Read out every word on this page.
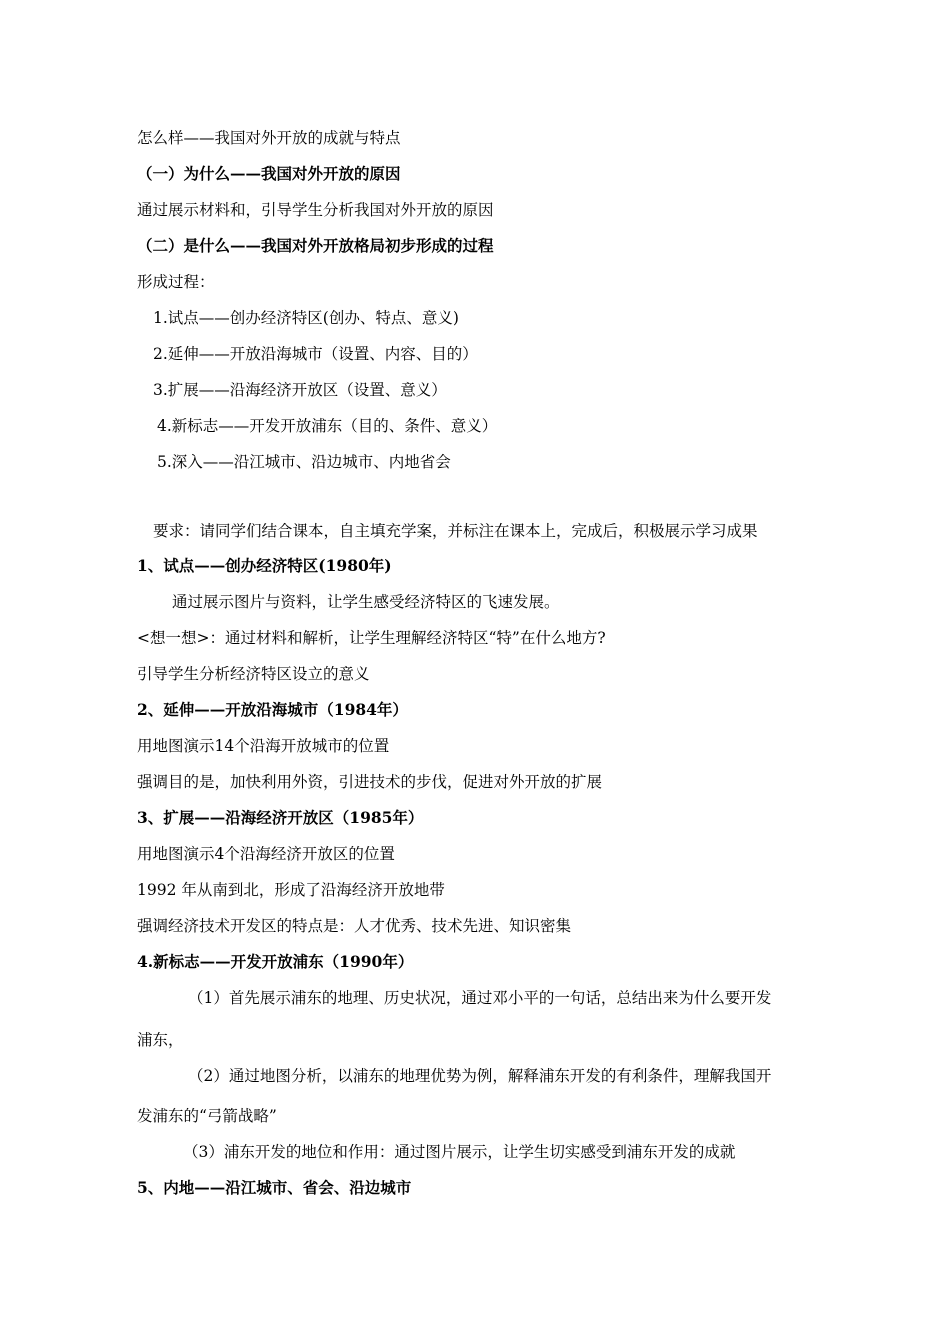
怎么样——我国对外开放的成就与特点
（一）为什么——我国对外开放的原因
通过展示材料和，引导学生分析我国对外开放的原因
（二）是什么——我国对外开放格局初步形成的过程
形成过程：
1.试点——创办经济特区(创办、特点、意义)
2.延伸——开放沿海城市（设置、内容、目的）
3.扩展——沿海经济开放区（设置、意义）
4.新标志——开发开放浦东（目的、条件、意义）
5.深入——沿江城市、沿边城市、内地省会
要求：请同学们结合课本，自主填充学案，并标注在课本上，完成后，积极展示学习成果
1、试点——创办经济特区(1980年)
通过展示图片与资料，让学生感受经济特区的飞速发展。
<想一想>：通过材料和解析，让学生理解经济特区“特”在什么地方?
引导学生分析经济特区设立的意义
2、延伸——开放沿海城市（1984年）
用地图演示14个沿海开放城市的位置
强调目的是，加快利用外资，引进技术的步伐，促进对外开放的扩展
3、扩展——沿海经济开放区（1985年）
用地图演示4个沿海经济开放区的位置
1992 年从南到北，形成了沿海经济开放地带
强调经济技术开发区的特点是：人才优秀、技术先进、知识密集
4.新标志——开发开放浦东（1990年）
（1）首先展示浦东的地理、历史状况，通过邓小平的一句话，总结出来为什么要开发
浦东，
（2）通过地图分析，以浦东的地理优势为例，解释浦东开发的有利条件，理解我国开
发浦东的“弓箭战略”
（3）浦东开发的地位和作用：通过图片展示，让学生切实感受到浦东开发的成就
5、内地——沿江城市、省会、沿边城市
